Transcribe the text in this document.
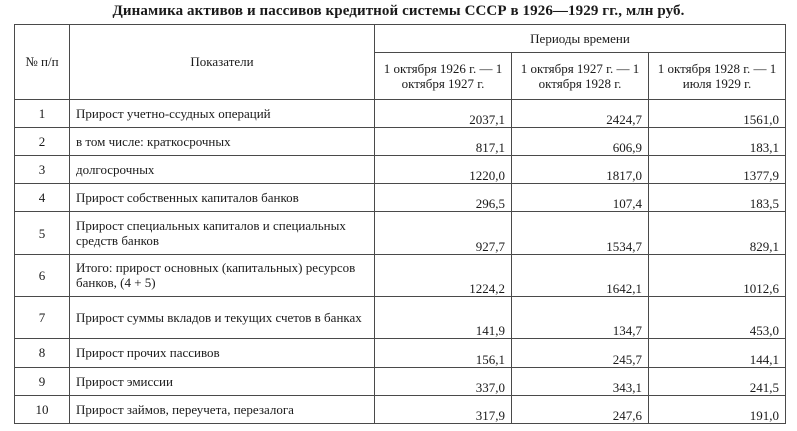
Динамика активов и пассивов кредитной системы СССР в 1926—1929 гг., млн руб.
№ п/п	Показатели	Периоды времени		
		1 октября 1926 г. — 1 октября 1927 г.	1 октября 1927 г. — 1 октября 1928 г.	1 октября 1928 г. — 1 июля 1929 г.
1	Прирост учетно-ссудных операций	2037,1	2424,7	1561,0
2	в том числе: краткосрочных	817,1	606,9	183,1
3	долгосрочных	1220,0	1817,0	1377,9
4	Прирост собственных капиталов банков	296,5	107,4	183,5
5	Прирост специальных капиталов и специальных средств банков	927,7	1534,7	829,1
6	Итого: прирост основных (капитальных) ресурсов банков, (4 + 5)	1224,2	1642,1	1012,6
7	Прирост суммы вкладов и текущих счетов в банках	141,9	134,7	453,0
8	Прирост прочих пассивов	156,1	245,7	144,1
9	Прирост эмиссии	337,0	343,1	241,5
10	Прирост займов, переучета, перезалога	317,9	247,6	191,0
